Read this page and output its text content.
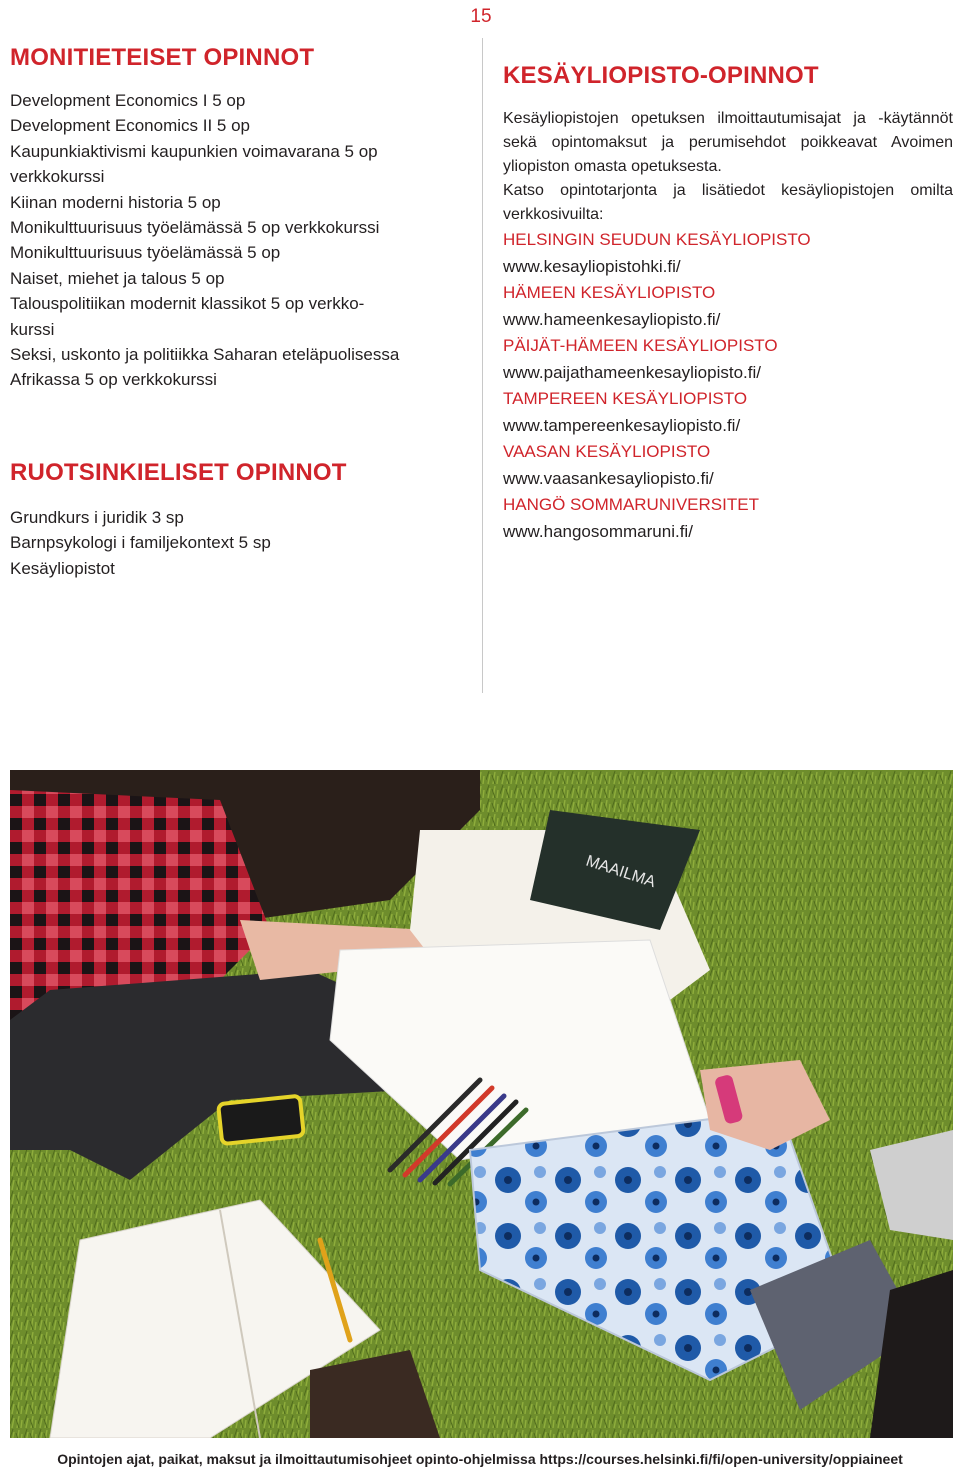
15
MONITIETEISET OPINNOT
Development Economics I 5 op
Development Economics II 5 op
Kaupunkiaktivismi kaupunkien voimavarana 5 op
verkkokurssi
Kiinan moderni historia 5 op
Monikulttuurisuus työelämässä 5 op verkkokurssi
Monikulttuurisuus työelämässä 5 op
Naiset, miehet ja talous 5 op
Talouspolitiikan modernit klassikot 5 op verkko-
kurssi
Seksi, uskonto ja politiikka Saharan eteläpuolisessa
Afrikassa 5 op verkkokurssi
RUOTSINKIELISET OPINNOT
Grundkurs i juridik 3 sp
Barnpsykologi i familjekontext 5 sp
Kesäyliopistot
KESÄYLIOPISTO-OPINNOT

Kesäyliopistojen opetuksen ilmoittautumisajat ja -käytännöt sekä opintomaksut ja perumisehdot poikkeavat Avoimen yliopiston omasta opetuksesta.

Katso opintotarjonta ja lisätiedot kesäyliopistojen omilta verkkosivuilta:

HELSINGIN SEUDUN KESÄYLIOPISTO
www.kesayliopistohki.fi/
HÄMEEN KESÄYLIOPISTO
www.hameenkesayliopisto.fi/
PÄIJÄT-HÄMEEN KESÄYLIOPISTO
www.paijathameenkesayliopisto.fi/
TAMPEREEN KESÄYLIOPISTO
www.tampereenkesayliopisto.fi/
VAASAN KESÄYLIOPISTO
www.vaasankesayliopisto.fi/
HANGÖ SOMMARUNIVERSITET
www.hangosommaruni.fi/
MAAILMA
Opintojen ajat, paikat, maksut ja ilmoittautumisohjeet opinto-ohjelmissa https://courses.helsinki.fi/fi/open-university/oppiaineet
